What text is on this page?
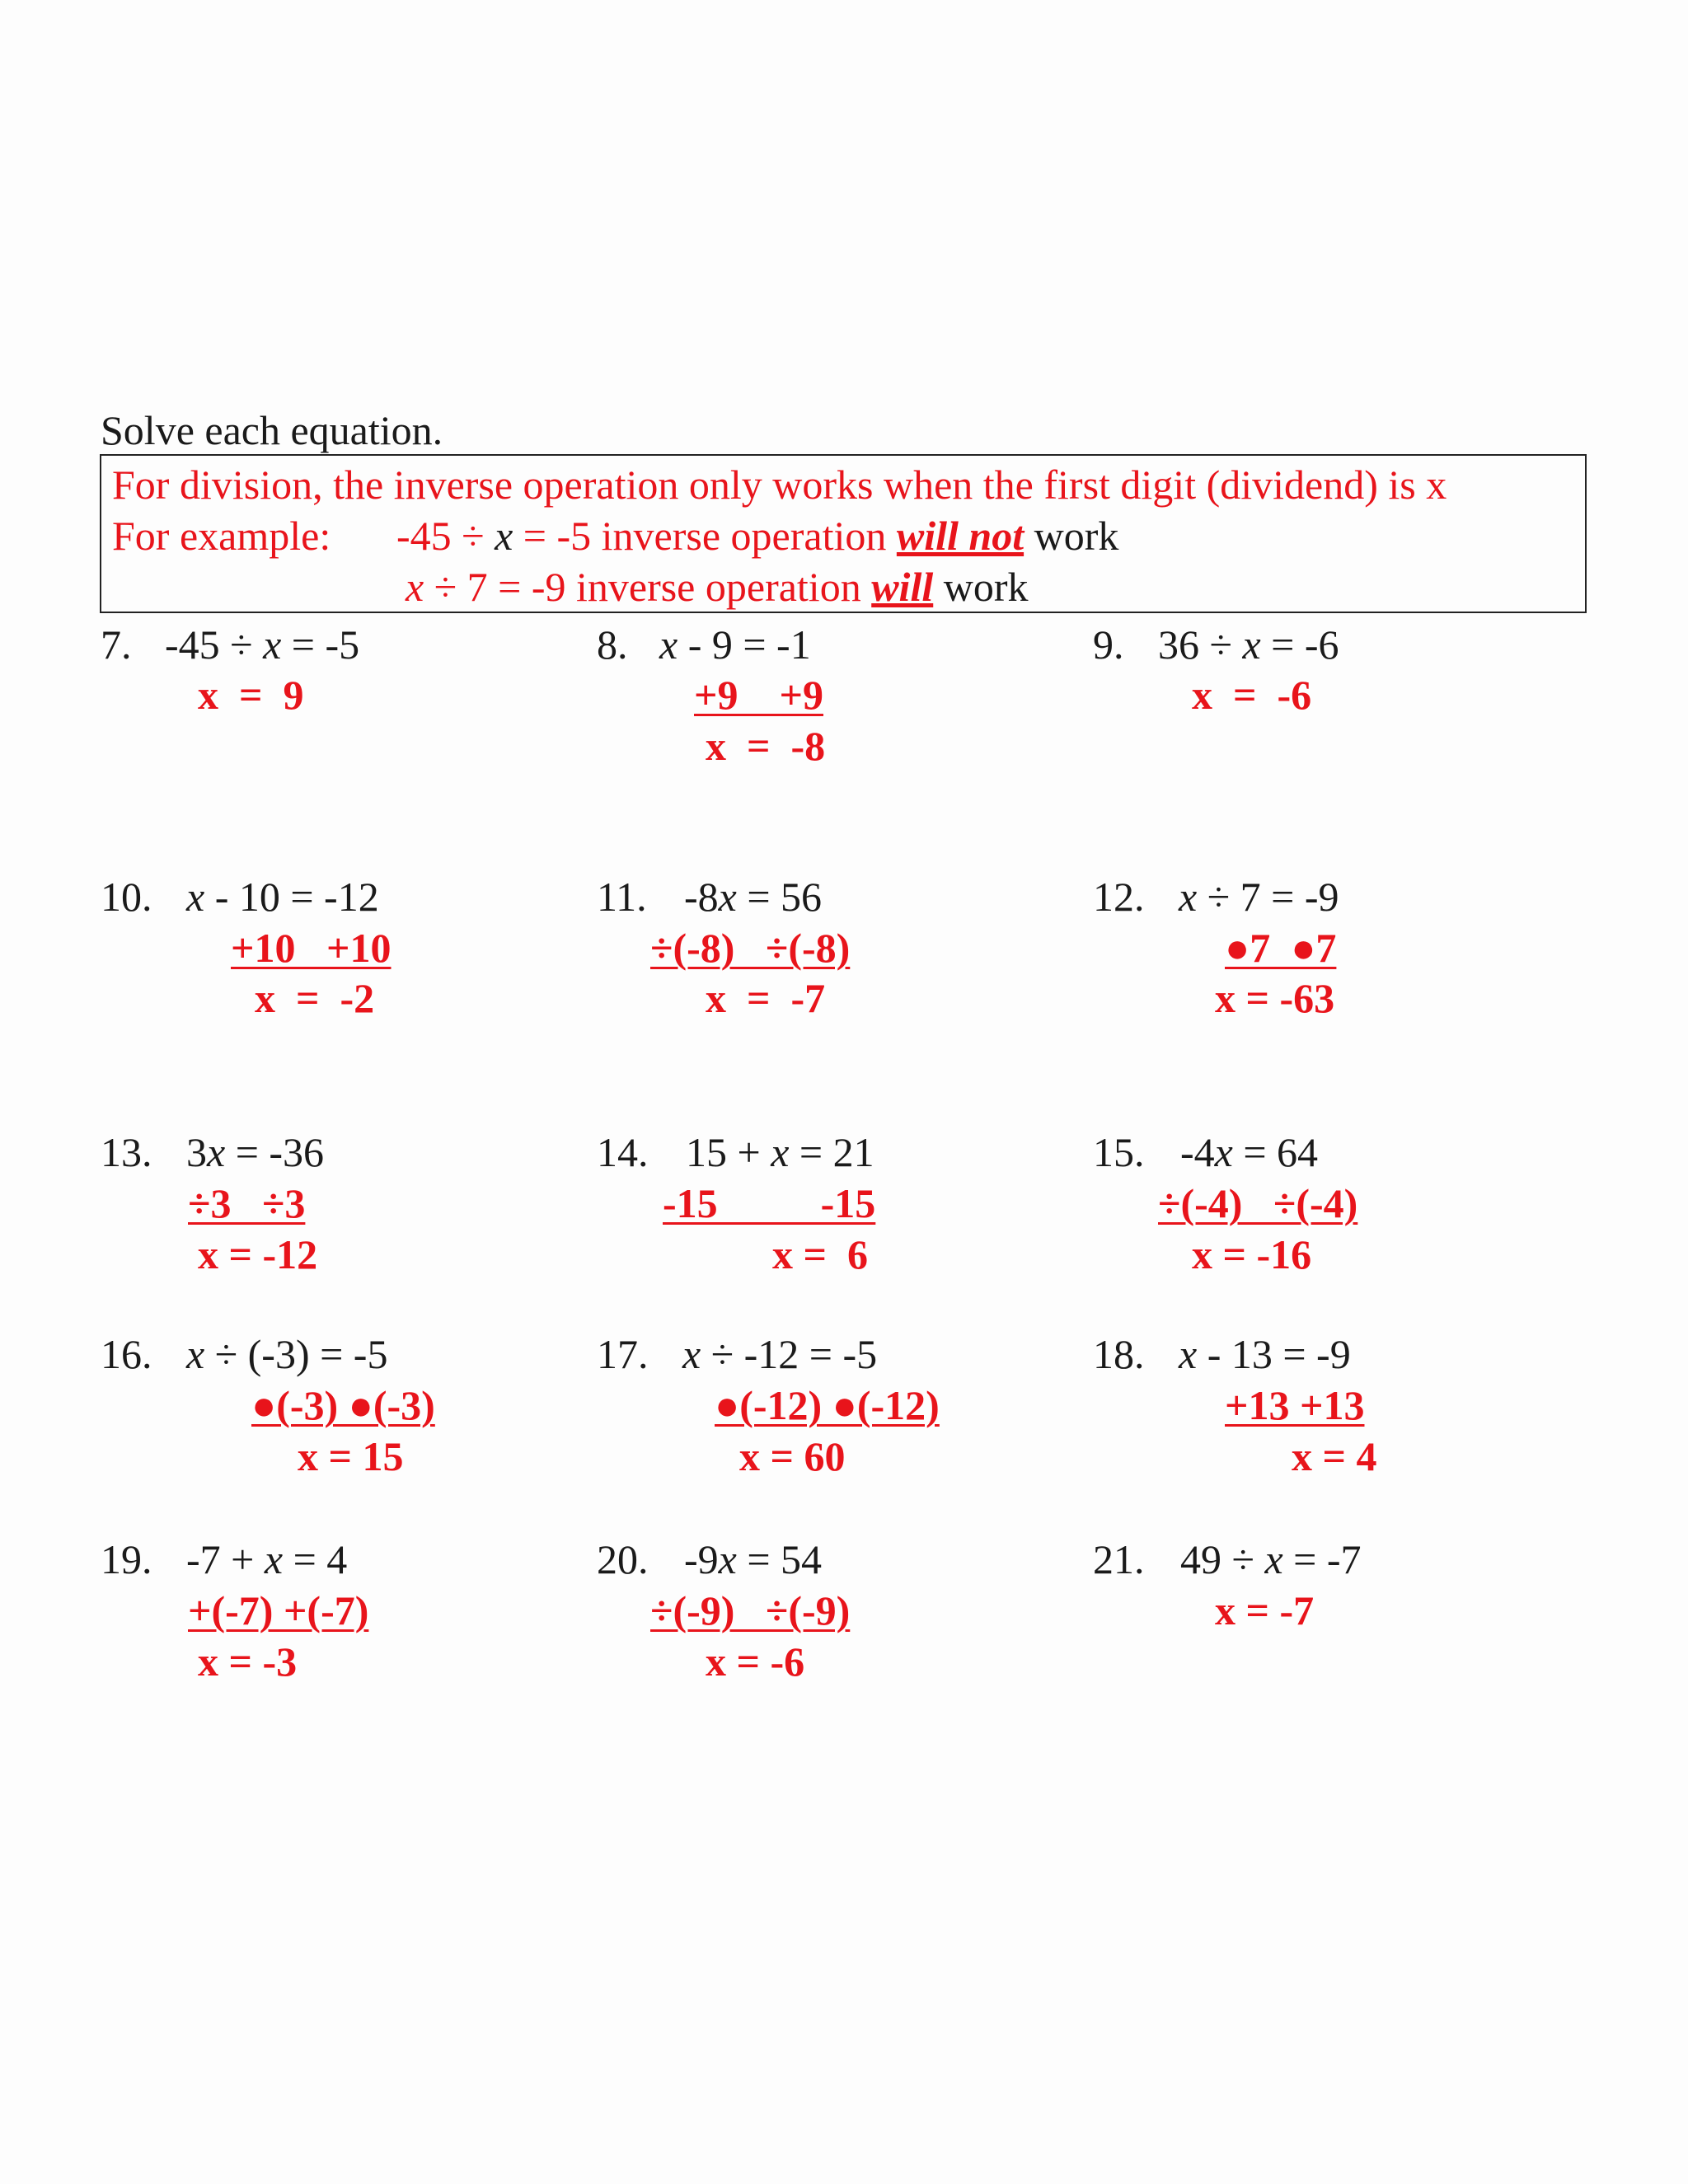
Solve each equation.
For division, the inverse operation only works when the first digit (dividend) is x
For example: -45 ÷ x = -5 inverse operation will not work
x ÷ 7 = -9 inverse operation will work
7. -45 ÷ x = -5
x  =  9
8. x - 9 = -1
+9    +9
x  =  -8
9. 36 ÷ x = -6
x  =  -6
10. x - 10 = -12
+10   +10
x  =  -2
11. -8x = 56
÷(-8)   ÷(-8)
x  =  -7
12. x ÷ 7 = -9
●7  ●7
x = -63
13. 3x = -36
÷3   ÷3
x = -12
14. 15 + x = 21
-15          -15
x =  6
15. -4x = 64
÷(-4)   ÷(-4)
x = -16
16. x ÷ (-3) = -5
●(-3) ●(-3)
x = 15
17. x ÷ -12 = -5
●(-12) ●(-12)
x = 60
18. x - 13 = -9
+13 +13
x = 4
19. -7 + x = 4
+(-7) +(-7)
x = -3
20. -9x = 54
÷(-9)   ÷(-9)
x = -6
21. 49 ÷ x = -7
x = -7
